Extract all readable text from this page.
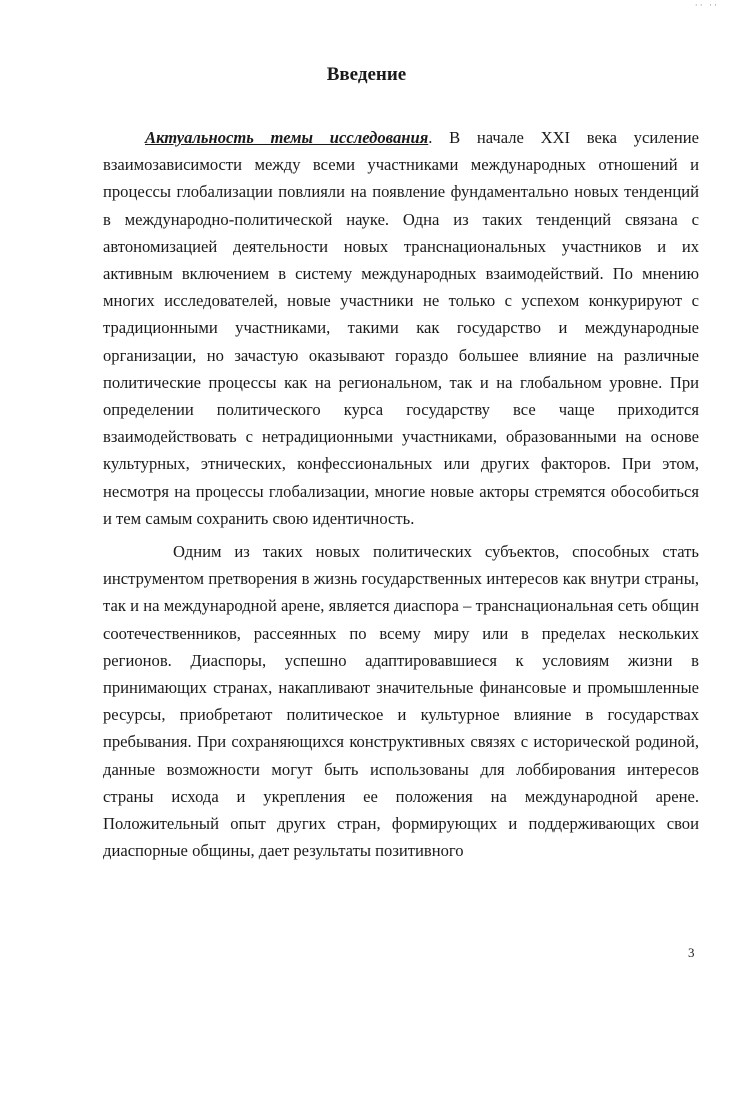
·· ··
Введение

Актуальность темы исследования. В начале XXI века усиление взаимозависимости между всеми участниками международных отношений и процессы глобализации повлияли на появление фундаментально новых тенденций в международно-политической науке. Одна из таких тенденций связана с автономизацией деятельности новых транснациональных участников и их активным включением в систему международных взаимодействий. По мнению многих исследователей, новые участники не только с успехом конкурируют с традиционными участниками, такими как государство и международные организации, но зачастую оказывают гораздо большее влияние на различные политические процессы как на региональном, так и на глобальном уровне. При определении политического курса государству все чаще приходится взаимодействовать с нетрадиционными участниками, образованными на основе культурных, этнических, конфессиональных или других факторов. При этом, несмотря на процессы глобализации, многие новые акторы стремятся обособиться и тем самым сохранить свою идентичность.

Одним из таких новых политических субъектов, способных стать инструментом претворения в жизнь государственных интересов как внутри страны, так и на международной арене, является диаспора – транснациональная сеть общин соотечественников, рассеянных по всему миру или в пределах нескольких регионов. Диаспоры, успешно адаптировавшиеся к условиям жизни в принимающих странах, накапливают значительные финансовые и промышленные ресурсы, приобретают политическое и культурное влияние в государствах пребывания. При сохраняющихся конструктивных связях с исторической родиной, данные возможности могут быть использованы для лоббирования интересов страны исхода и укрепления ее положения на международной арене. Положительный опыт других стран, формирующих и поддерживающих свои диаспорные общины, дает результаты позитивного

3
